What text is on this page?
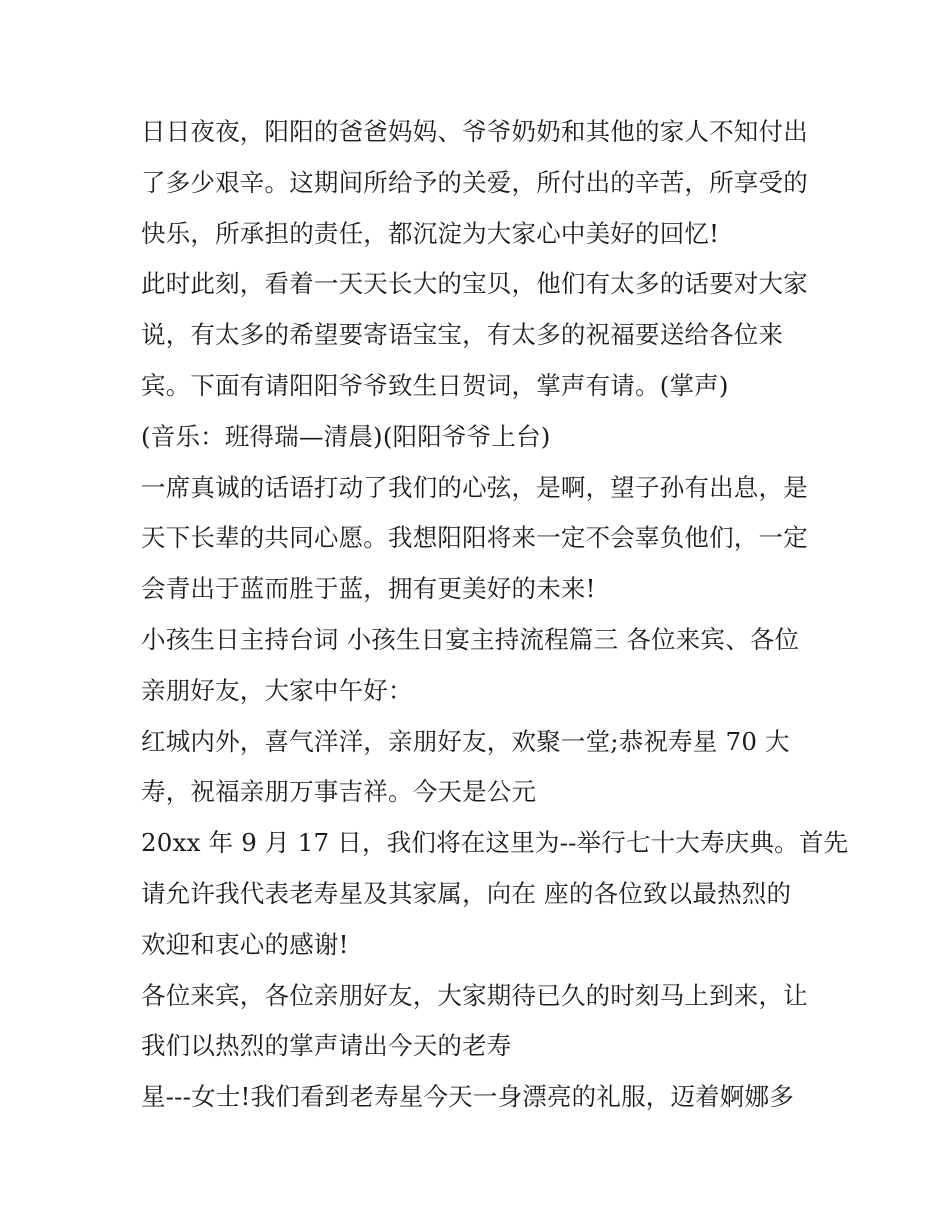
日日夜夜，阳阳的爸爸妈妈、爷爷奶奶和其他的家人不知付出
了多少艰辛。这期间所给予的关爱，所付出的辛苦，所享受的
快乐，所承担的责任，都沉淀为大家心中美好的回忆!
此时此刻，看着一天天长大的宝贝，他们有太多的话要对大家
说，有太多的希望要寄语宝宝，有太多的祝福要送给各位来
宾。下面有请阳阳爷爷致生日贺词，掌声有请。(掌声)
(音乐：班得瑞—清晨)(阳阳爷爷上台)
一席真诚的话语打动了我们的心弦，是啊，望子孙有出息，是
天下长辈的共同心愿。我想阳阳将来一定不会辜负他们，一定
会青出于蓝而胜于蓝，拥有更美好的未来!
小孩生日主持台词 小孩生日宴主持流程篇三 各位来宾、各位
亲朋好友，大家中午好：
红城内外，喜气洋洋，亲朋好友，欢聚一堂;恭祝寿星 70 大
寿，祝福亲朋万事吉祥。今天是公元
20xx 年 9 月 17 日，我们将在这里为--举行七十大寿庆典。首先
请允许我代表老寿星及其家属，向在 座的各位致以最热烈的
欢迎和衷心的感谢!
各位来宾，各位亲朋好友，大家期待已久的时刻马上到来，让
我们以热烈的掌声请出今天的老寿
星---女士!我们看到老寿星今天一身漂亮的礼服，迈着婀娜多
